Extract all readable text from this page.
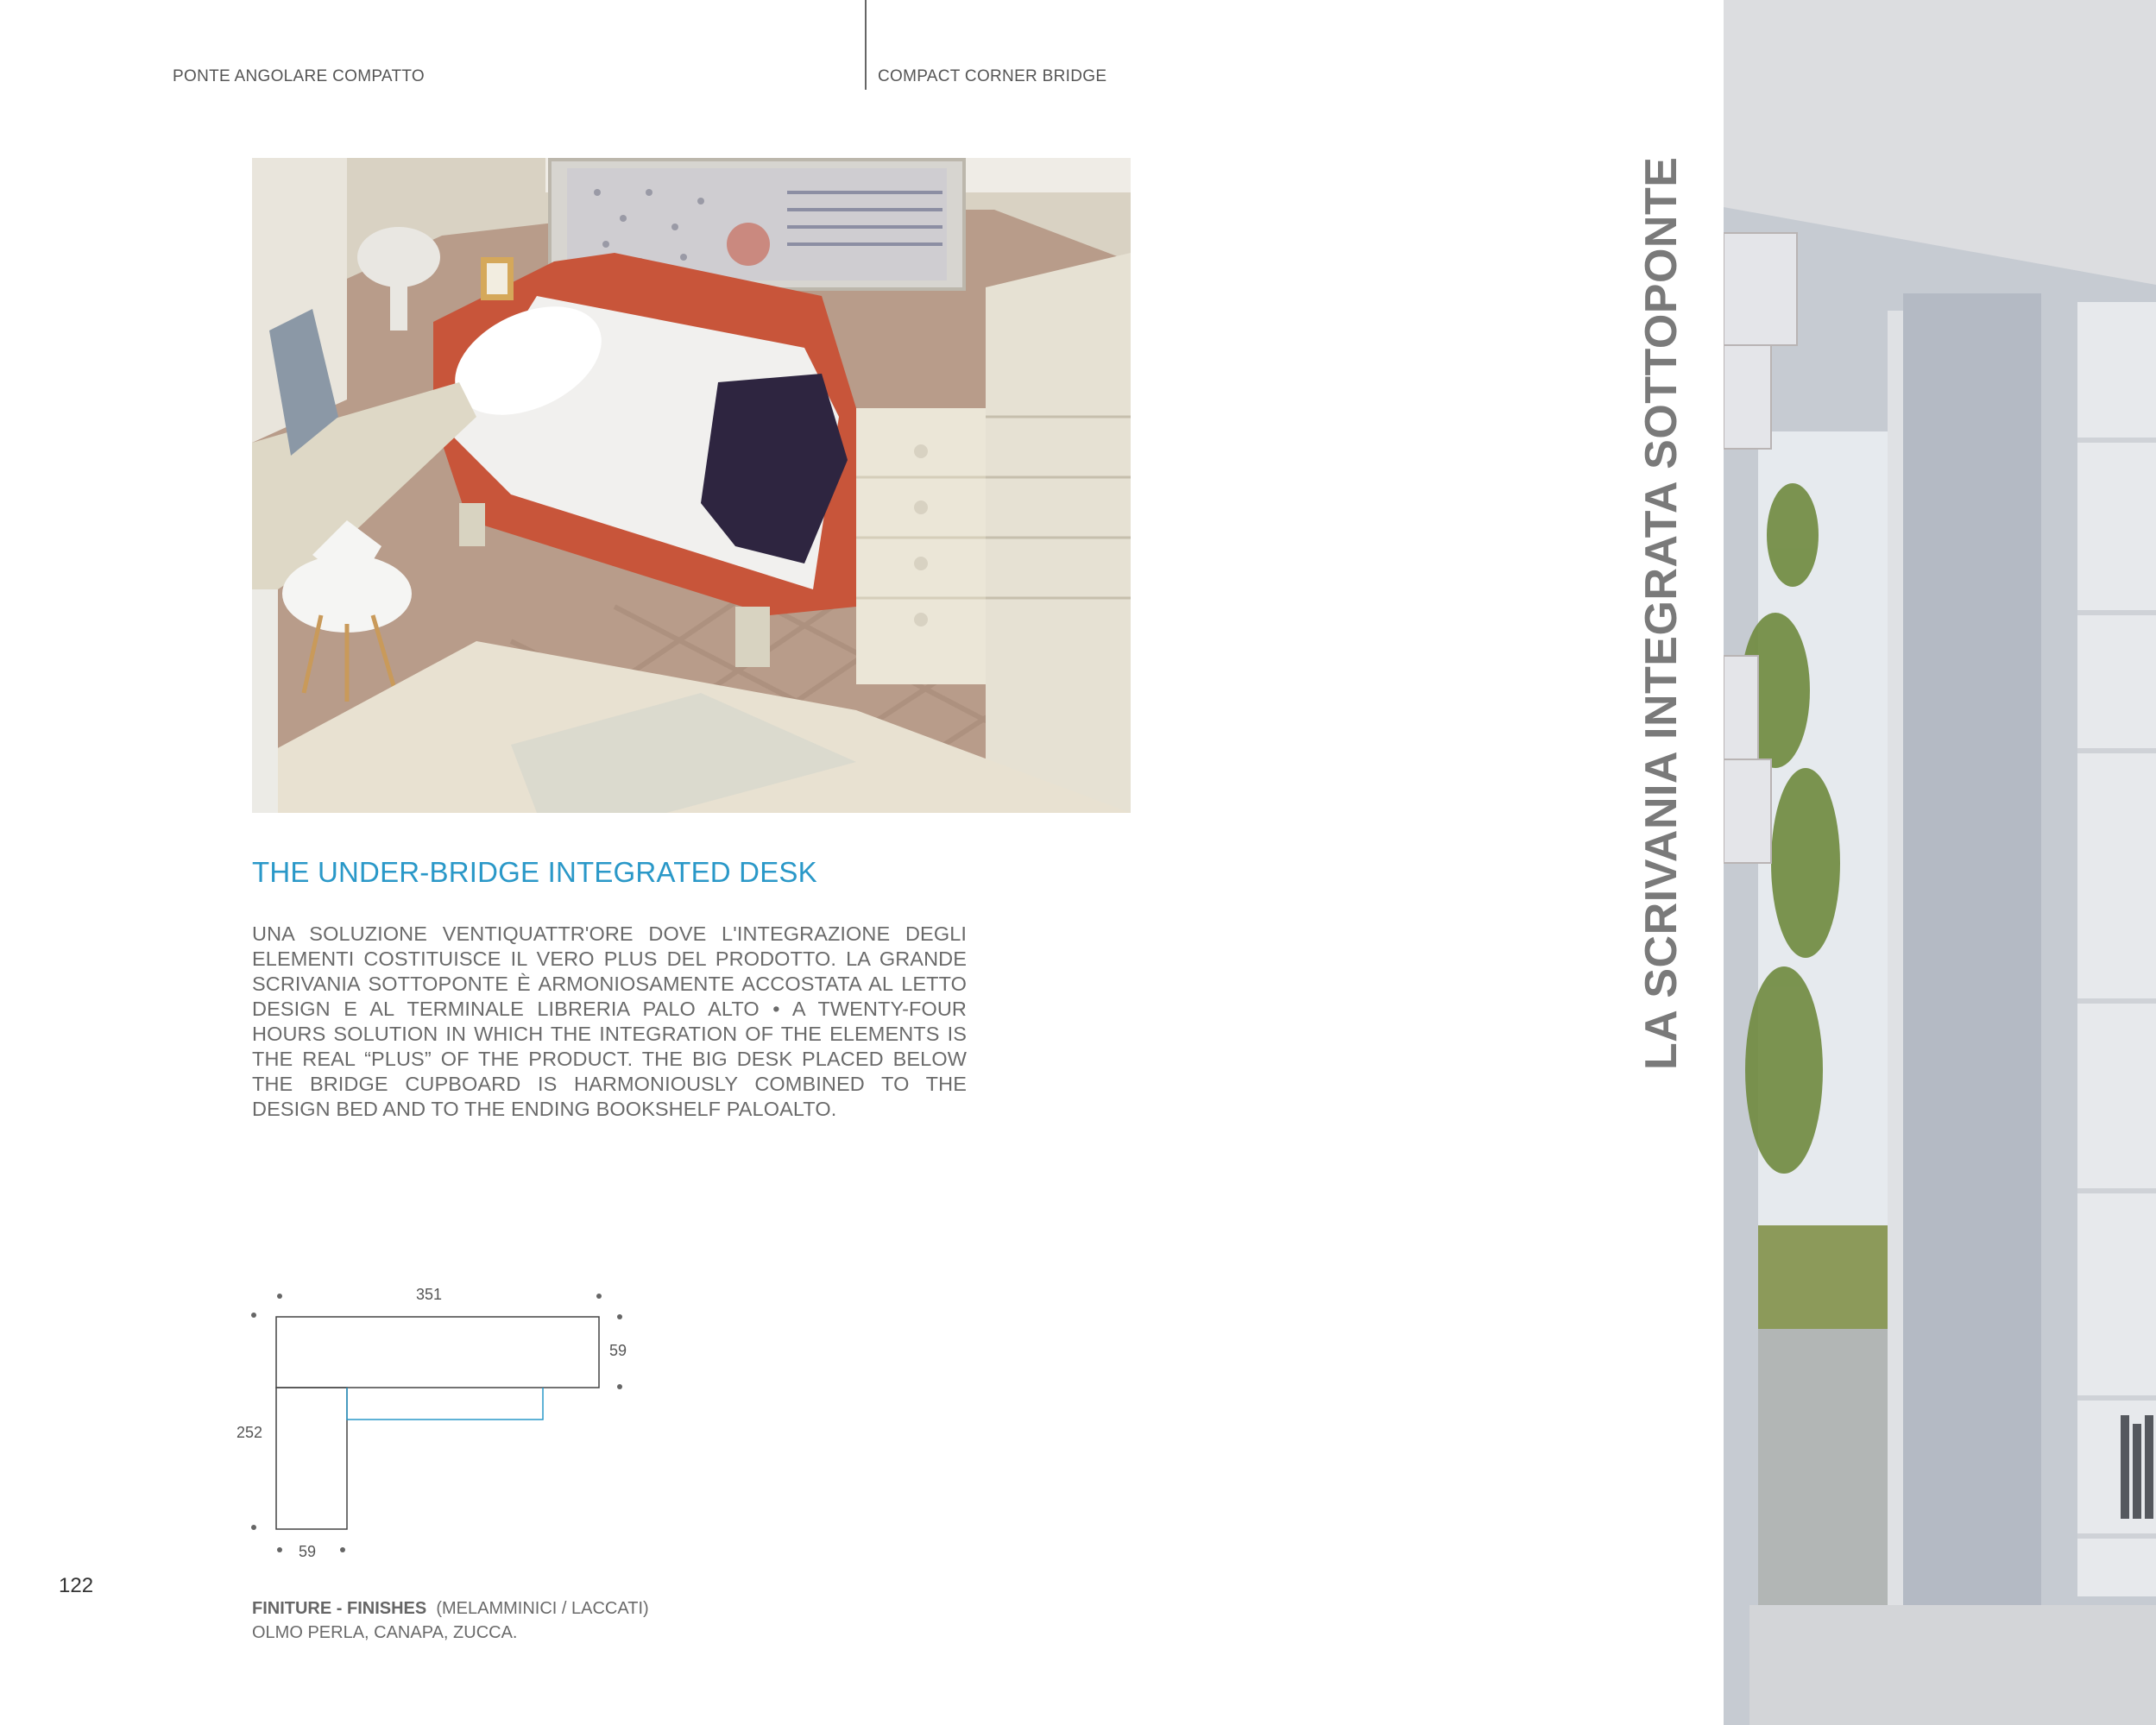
PONTE ANGOLARE COMPATTO	COMPACT CORNER BRIDGE
THE UNDER-BRIDGE INTEGRATED DESK
UNA SOLUZIONE VENTIQUATTR'ORE DOVE L'INTEGRAZIONE DEGLI ELEMENTI COSTITUISCE IL VERO PLUS DEL PRODOTTO. LA GRANDE SCRIVANIA SOTTOPONTE È ARMONIOSAMENTE ACCOSTATA AL LETTO DESIGN E AL TERMINALE LIBRERIA PALO ALTO • A TWENTY-FOUR HOURS SOLUTION IN WHICH THE INTEGRATION OF THE ELEMENTS IS THE REAL “PLUS” OF THE PRODUCT. THE BIG DESK PLACED BELOW THE BRIDGE CUPBOARD IS HARMONIOUSLY COMBINED TO THE DESIGN BED AND TO THE ENDING BOOKSHELF PALOALTO.
351
59
252
59
FINITURE - FINISHES (MELAMMINICI / LACCATI)
OLMO PERLA, CANAPA, ZUCCA.
122
LA SCRIVANIA INTEGRATA SOTTOPONTE
